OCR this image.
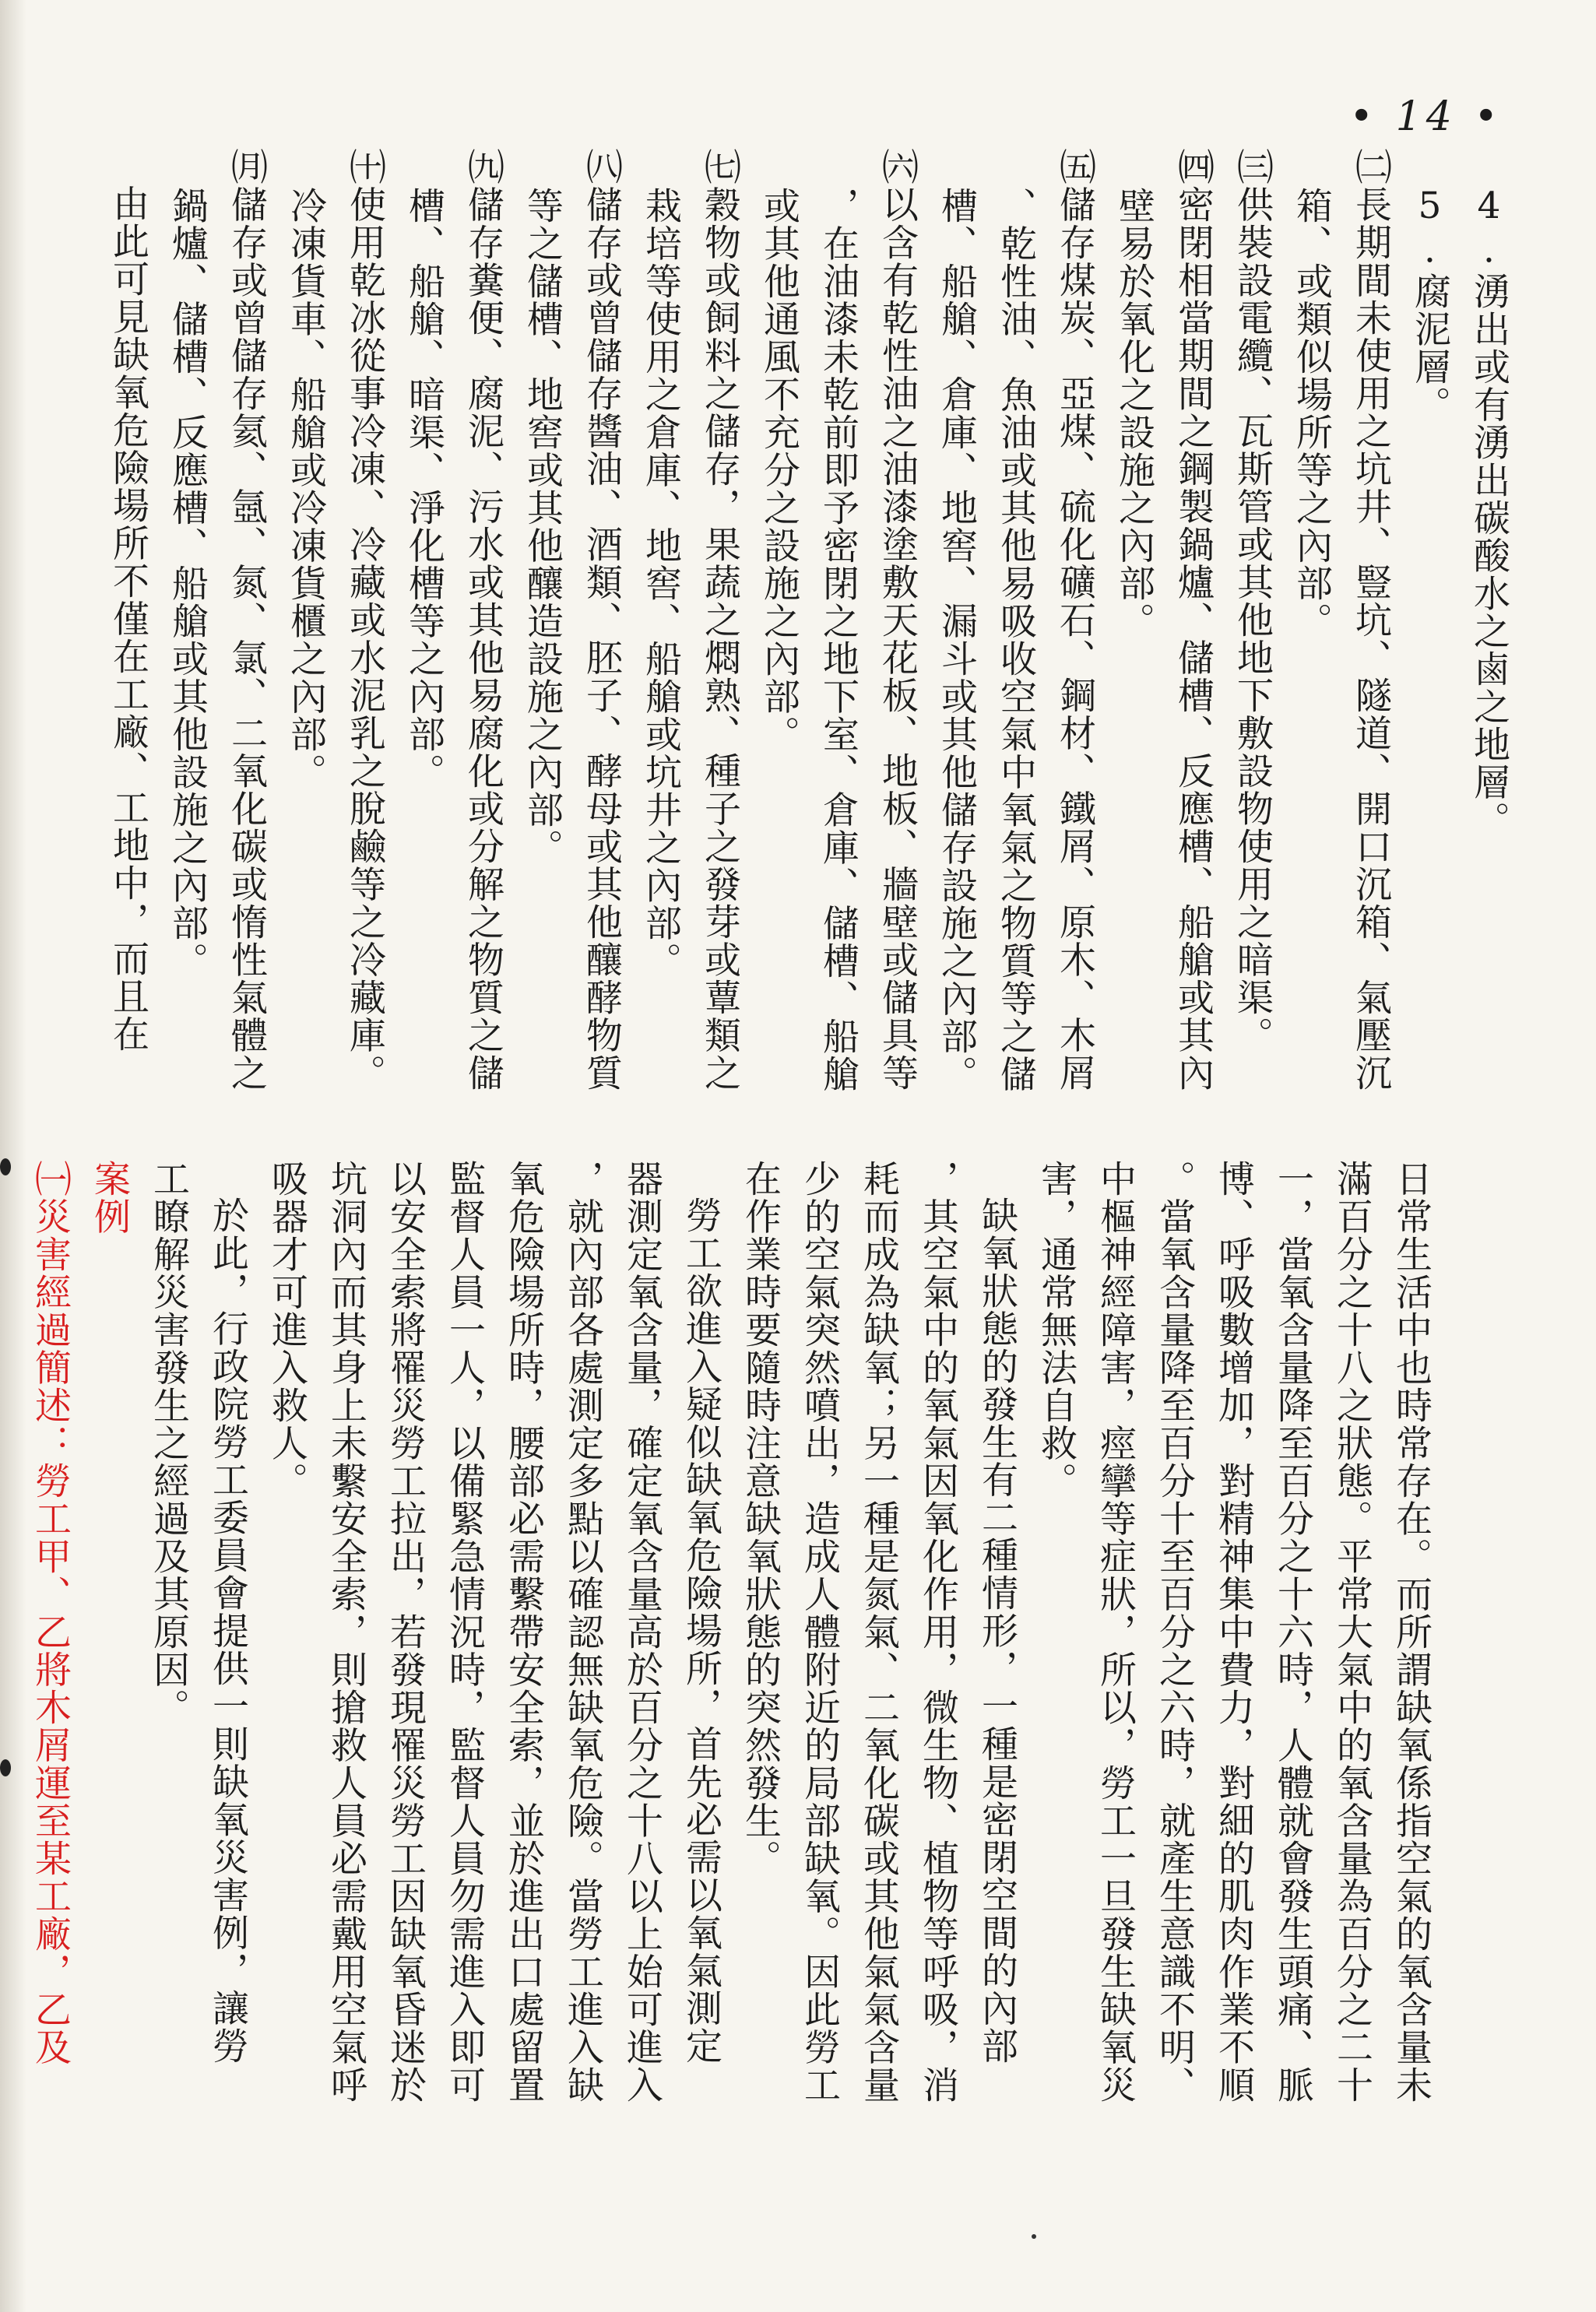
• 14 •
4.湧出或有湧出碳酸水之鹵之地層。
5.腐泥層。
㈡長期間未使用之坑井、豎坑、隧道、開口沉箱、氣壓沉
箱、或類似場所等之內部。
㈢供裝設電纜、瓦斯管或其他地下敷設物使用之暗渠。
㈣密閉相當期間之鋼製鍋爐、儲槽、反應槽、船艙或其內
壁易於氧化之設施之內部。
㈤儲存煤炭、亞煤、硫化礦石、鋼材、鐵屑、原木、木屑
、乾性油、魚油或其他易吸收空氣中氧氣之物質等之儲
槽、船艙、倉庫、地窖、漏斗或其他儲存設施之內部。
㈥以含有乾性油之油漆塗敷天花板、地板、牆壁或儲具等
，在油漆未乾前即予密閉之地下室、倉庫、儲槽、船艙
或其他通風不充分之設施之內部。
㈦穀物或飼料之儲存，果蔬之燜熟、種子之發芽或蕈類之
栽培等使用之倉庫、地窖、船艙或坑井之內部。
㈧儲存或曾儲存醬油、酒類、胚子、酵母或其他釀酵物質
等之儲槽、地窖或其他釀造設施之內部。
㈨儲存糞便、腐泥、污水或其他易腐化或分解之物質之儲
槽、船艙、暗渠、淨化槽等之內部。
㈩使用乾冰從事冷凍、冷藏或水泥乳之脫鹼等之冷藏庫。
冷凍貨車、船艙或冷凍貨櫃之內部。
㈪儲存或曾儲存氦、氬、氮、氯、二氧化碳或惰性氣體之
鍋爐、儲槽、反應槽、船艙或其他設施之內部。
由此可見缺氧危險場所不僅在工廠、工地中，而且在
日常生活中也時常存在。而所謂缺氧係指空氣的氧含量未
滿百分之十八之狀態。平常大氣中的氧含量為百分之二十
一，當氧含量降至百分之十六時，人體就會發生頭痛、脈
博、呼吸數增加，對精神集中費力，對細的肌肉作業不順
。當氧含量降至百分十至百分之六時，就產生意識不明、
中樞神經障害，痙攣等症狀，所以，勞工一旦發生缺氧災
害，通常無法自救。
缺氧狀態的發生有二種情形，一種是密閉空間的內部
，其空氣中的氧氣因氧化作用，微生物、植物等呼吸，消
耗而成為缺氧；另一種是氮氣、二氧化碳或其他氣氣含量
少的空氣突然噴出，造成人體附近的局部缺氧。因此勞工
在作業時要隨時注意缺氧狀態的突然發生。
勞工欲進入疑似缺氧危險場所，首先必需以氧氣測定
器測定氧含量，確定氧含量高於百分之十八以上始可進入
，就內部各處測定多點以確認無缺氧危險。當勞工進入缺
氧危險場所時，腰部必需繫帶安全索，並於進出口處留置
監督人員一人，以備緊急情況時，監督人員勿需進入即可
以安全索將罹災勞工拉出，若發現罹災勞工因缺氧昏迷於
坑洞內而其身上未繫安全索，則搶救人員必需戴用空氣呼
吸器才可進入救人。
於此，行政院勞工委員會提供一則缺氧災害例，讓勞
工瞭解災害發生之經過及其原因。
案例
㈠災害經過簡述：勞工甲、乙將木屑運至某工廠，乙及
